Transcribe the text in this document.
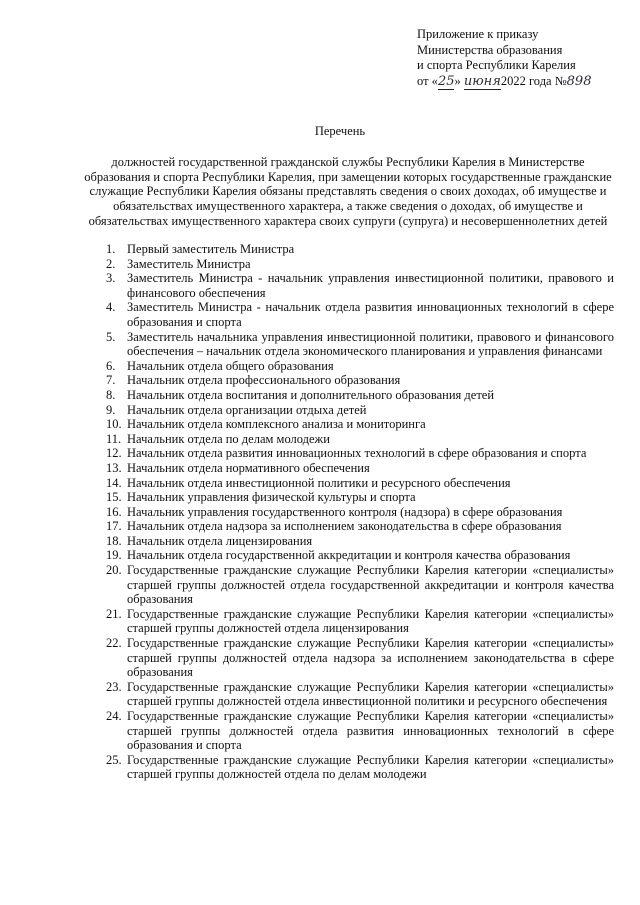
Приложение к приказу
Министерства образования
и спорта Республики Карелия
от «25» июня2022 года №898
Перечень
должностей государственной гражданской службы Республики Карелия в Министерстве образования и спорта Республики Карелия, при замещении которых государственные гражданские служащие Республики Карелия обязаны представлять сведения о своих доходах, об имуществе и обязательствах имущественного характера, а также сведения о доходах, об имуществе и обязательствах имущественного характера своих супруги (супруга) и несовершеннолетних детей
1. Первый заместитель Министра
2. Заместитель Министра
3. Заместитель Министра - начальник управления инвестиционной политики, правового и финансового обеспечения
4. Заместитель Министра - начальник отдела развития инновационных технологий в сфере образования и спорта
5. Заместитель начальника управления инвестиционной политики, правового и финансового обеспечения – начальник отдела экономического планирования и управления финансами
6. Начальник отдела общего образования
7. Начальник отдела профессионального образования
8. Начальник отдела воспитания и дополнительного образования детей
9. Начальник отдела организации отдыха детей
10. Начальник отдела комплексного анализа и мониторинга
11. Начальник отдела по делам молодежи
12. Начальник отдела развития инновационных технологий в сфере образования и спорта
13. Начальник отдела нормативного обеспечения
14. Начальник отдела инвестиционной политики и ресурсного обеспечения
15. Начальник управления физической культуры и спорта
16. Начальник управления государственного контроля (надзора) в сфере образования
17. Начальник отдела надзора за исполнением законодательства в сфере образования
18. Начальник отдела лицензирования
19. Начальник отдела государственной аккредитации и контроля качества образования
20. Государственные гражданские служащие Республики Карелия категории «специалисты» старшей группы должностей отдела государственной аккредитации и контроля качества образования
21. Государственные гражданские служащие Республики Карелия категории «специалисты» старшей группы должностей отдела лицензирования
22. Государственные гражданские служащие Республики Карелия категории «специалисты» старшей группы должностей отдела надзора за исполнением законодательства в сфере образования
23. Государственные гражданские служащие Республики Карелия категории «специалисты» старшей группы должностей отдела инвестиционной политики и ресурсного обеспечения
24. Государственные гражданские служащие Республики Карелия категории «специалисты» старшей группы должностей отдела развития инновационных технологий в сфере образования и спорта
25. Государственные гражданские служащие Республики Карелия категории «специалисты» старшей группы должностей отдела по делам молодежи
